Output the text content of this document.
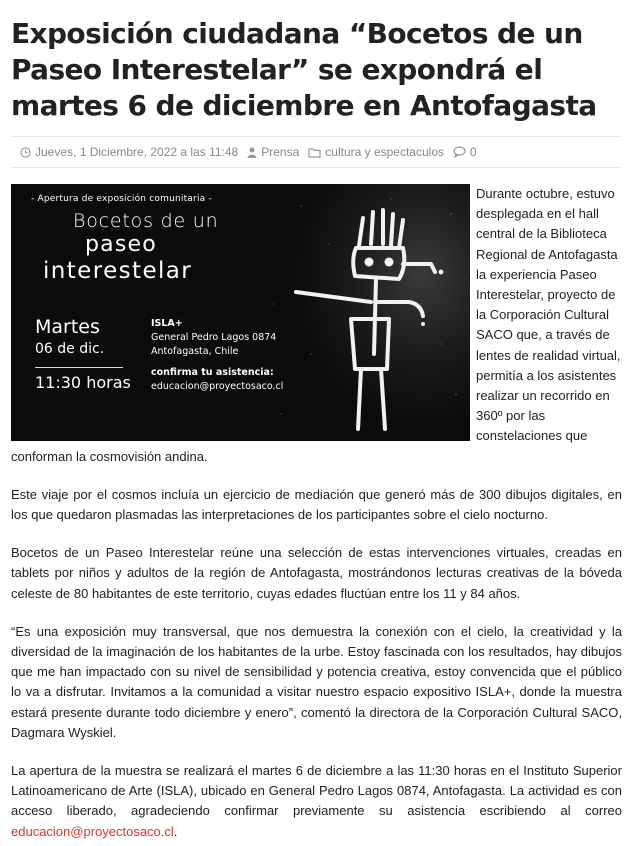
Exposición ciudadana “Bocetos de un Paseo Interestelar” se expondrá el martes 6 de diciembre en Antofagasta
Jueves, 1 Diciembre, 2022 a las 11:48 Prensa cultura y espectaculos 0

Durante octubre, estuvo desplegada en el hall central de la Biblioteca Regional de Antofagasta la experiencia Paseo Interestelar, proyecto de la Corporación Cultural SACO que, a través de lentes de realidad virtual, permitía a los asistentes realizar un recorrido en 360º por las constelaciones que conforman la cosmovisión andina.

Este viaje por el cosmos incluía un ejercicio de mediación que generó más de 300 dibujos digitales, en los que quedaron plasmadas las interpretaciones de los participantes sobre el cielo nocturno.

Bocetos de un Paseo Interestelar reúne una selección de estas intervenciones virtuales, creadas en tablets por niños y adultos de la región de Antofagasta, mostrándonos lecturas creativas de la bóveda celeste de 80 habitantes de este territorio, cuyas edades fluctúan entre los 11 y 84 años.

“Es una exposición muy transversal, que nos demuestra la conexión con el cielo, la creatividad y la diversidad de la imaginación de los habitantes de la urbe. Estoy fascinada con los resultados, hay dibujos que me han impactado con su nivel de sensibilidad y potencia creativa, estoy convencida que el público lo va a disfrutar. Invitamos a la comunidad a visitar nuestro espacio expositivo ISLA+, donde la muestra estará presente durante todo diciembre y enero”, comentó la directora de la Corporación Cultural SACO, Dagmara Wyskiel.

La apertura de la muestra se realizará el martes 6 de diciembre a las 11:30 horas en el Instituto Superior Latinoamericano de Arte (ISLA), ubicado en General Pedro Lagos 0874, Antofagasta. La actividad es con acceso liberado, agradeciendo confirmar previamente su asistencia escribiendo al correo educacion@proyectosaco.cl.

- Apertura de exposición comunitaria -
Bocetos de un
paseo
interestelar
Martes
06 de dic.
11:30 horas
ISLA+
General Pedro Lagos 0874
Antofagasta, Chile
confirma tu asistencia:
educacion@proyectosaco.cl
